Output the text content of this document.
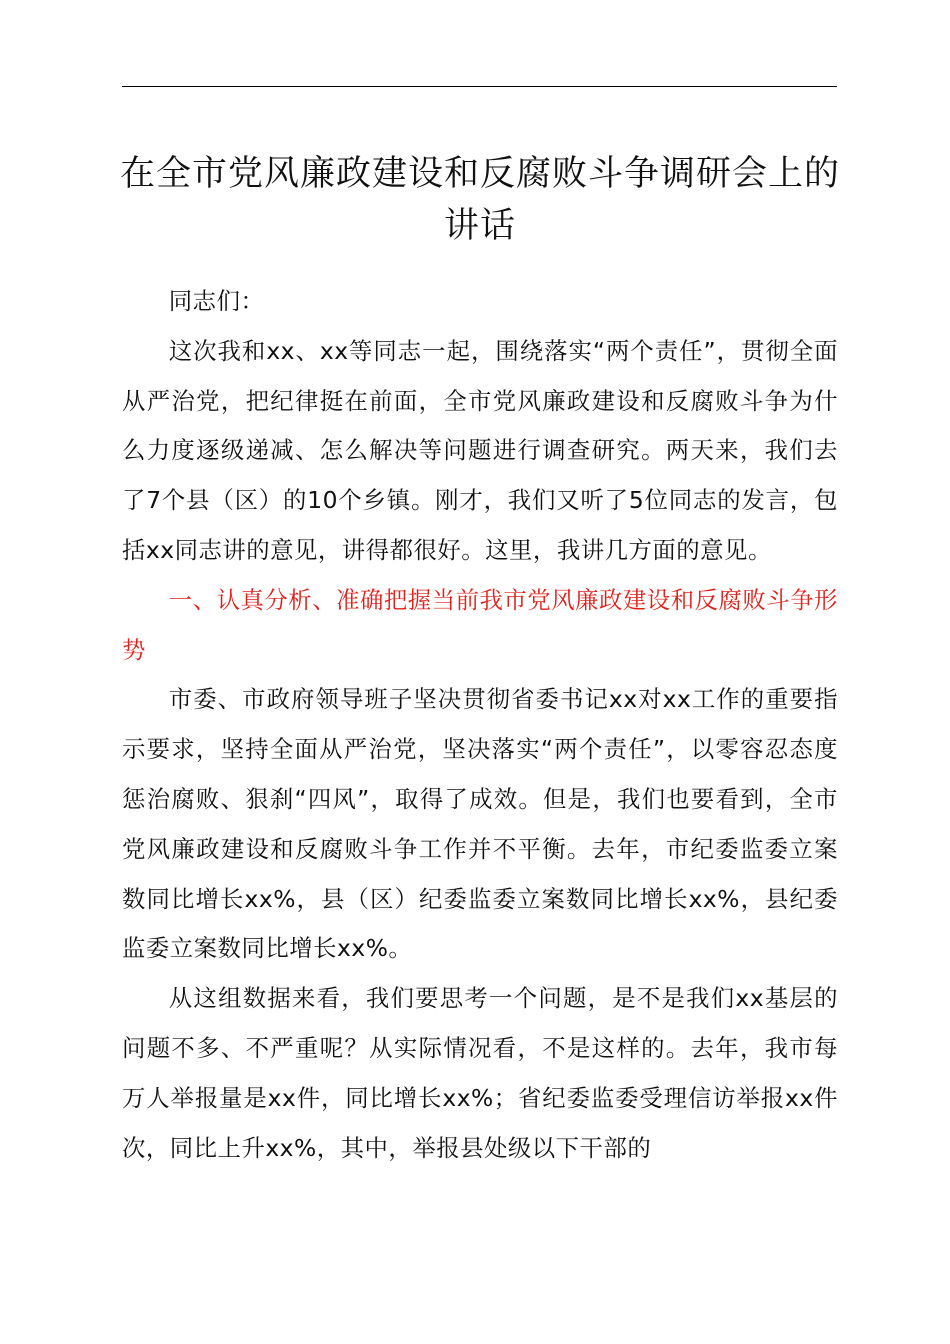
在全市党风廉政建设和反腐败斗争调研会上的讲话

同志们：

这次我和xx、xx等同志一起，围绕落实“两个责任”，贯彻全面从严治党，把纪律挺在前面，全市党风廉政建设和反腐败斗争为什么力度逐级递减、怎么解决等问题进行调查研究。两天来，我们去了7个县（区）的10个乡镇。刚才，我们又听了5位同志的发言，包括xx同志讲的意见，讲得都很好。这里，我讲几方面的意见。

一、认真分析、准确把握当前我市党风廉政建设和反腐败斗争形势

市委、市政府领导班子坚决贯彻省委书记xx对xx工作的重要指示要求，坚持全面从严治党，坚决落实“两个责任”，以零容忍态度惩治腐败、狠刹“四风”，取得了成效。但是，我们也要看到，全市党风廉政建设和反腐败斗争工作并不平衡。去年，市纪委监委立案数同比增长xx%，县（区）纪委监委立案数同比增长xx%，县纪委监委立案数同比增长xx%。

从这组数据来看，我们要思考一个问题，是不是我们xx基层的问题不多、不严重呢？从实际情况看，不是这样的。去年，我市每万人举报量是xx件，同比增长xx%；省纪委监委受理信访举报xx件次，同比上升xx%，其中，举报县处级以下干部的
